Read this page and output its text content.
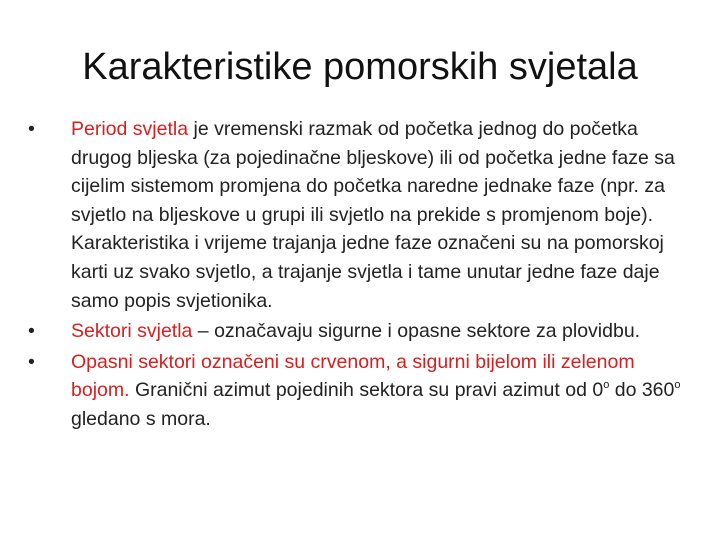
Karakteristike pomorskih svjetala
•	Period svjetla je vremenski razmak od početka jednog do početka drugog bljeska (za pojedinačne bljeskove) ili od početka jedne faze sa cijelim sistemom promjena do početka naredne jednake faze (npr. za svjetlo na bljeskove u grupi ili svjetlo na prekide s promjenom boje). Karakteristika i vrijeme trajanja jedne faze označeni su na pomorskoj karti uz svako svjetlo, a trajanje svjetla i tame unutar jedne faze daje samo popis svjetionika.
•	Sektori svjetla – označavaju sigurne i opasne sektore za plovidbu.
•	Opasni sektori označeni su crvenom, a sigurni bijelom ili zelenom bojom. Granični azimut pojedinih sektora su pravi azimut od 0$^o$ do 360$^o$ gledano s mora.
